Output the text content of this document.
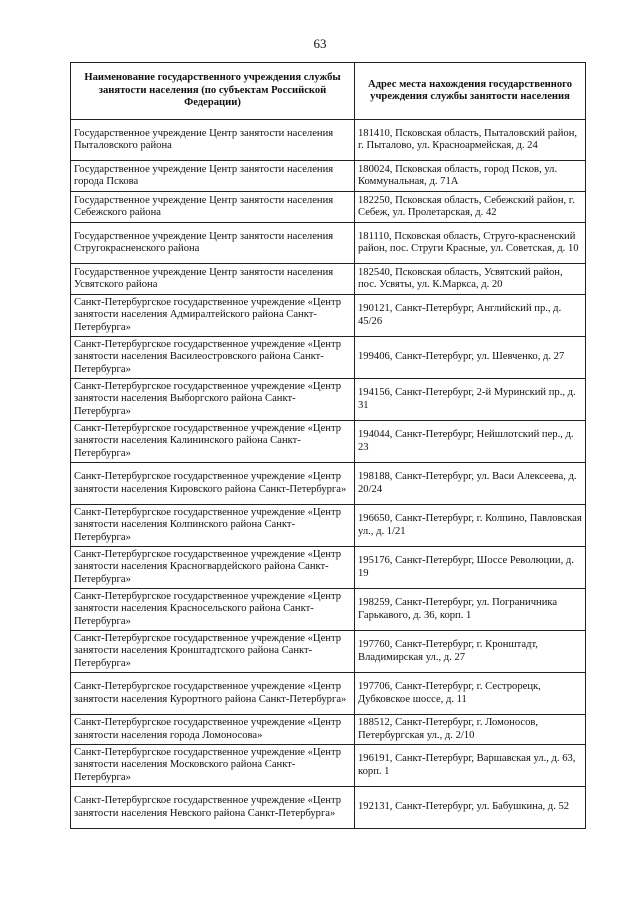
63
Наименование государственного учреждения службы занятости населения (по субъектам Российской Федерации)	Адрес места нахождения государственного учреждения службы занятости населения
Государственное учреждение Центр занятости населения Пыталовского района	181410, Псковская область, Пыталовский район, г. Пыталово, ул. Красноармейская, д. 24
Государственное учреждение Центр занятости населения города Пскова	180024, Псковская область, город Псков, ул. Коммунальная, д. 71А
Государственное учреждение Центр занятости населения Себежского района	182250, Псковская область, Себежский район, г. Себеж, ул. Пролетарская, д. 42
Государственное учреждение Центр занятости населения Стругокрасненского района	181110, Псковская область, Струго-красненский район, пос. Струги Красные, ул. Советская, д. 10
Государственное учреждение Центр занятости населения Усвятского района	182540, Псковская область, Усвятский район, пос. Усвяты, ул. К.Маркса, д. 20
Санкт-Петербургское государственное учреждение «Центр занятости населения Адмиралтейского района Санкт-Петербурга»	190121, Санкт-Петербург, Английский пр., д. 45/26
Санкт-Петербургское государственное учреждение «Центр занятости населения Василеостровского района Санкт-Петербурга»	199406, Санкт-Петербург, ул. Шевченко, д. 27
Санкт-Петербургское государственное учреждение «Центр занятости населения Выборгского района Санкт-Петербурга»	194156, Санкт-Петербург, 2-й Муринский пр., д. 31
Санкт-Петербургское государственное учреждение «Центр занятости населения Калининского района Санкт-Петербурга»	194044, Санкт-Петербург, Нейшлотский пер., д. 23
Санкт-Петербургское государственное учреждение «Центр занятости населения Кировского района Санкт-Петербурга»	198188, Санкт-Петербург, ул. Васи Алексеева, д. 20/24
Санкт-Петербургское государственное учреждение «Центр занятости населения Колпинского района Санкт-Петербурга»	196650, Санкт-Петербург, г. Колпино, Павловская ул., д. 1/21
Санкт-Петербургское государственное учреждение «Центр занятости населения Красногвардейского района Санкт-Петербурга»	195176, Санкт-Петербург, Шоссе Революции, д. 19
Санкт-Петербургское государственное учреждение «Центр занятости населения Красносельского района Санкт-Петербурга»	198259, Санкт-Петербург, ул. Пограничника Гарькавого, д. 36, корп. 1
Санкт-Петербургское государственное учреждение «Центр занятости населения Кронштадтского района Санкт-Петербурга»	197760, Санкт-Петербург, г. Кронштадт, Владимирская ул., д. 27
Санкт-Петербургское государственное учреждение «Центр занятости населения Курортного района Санкт-Петербурга»	197706, Санкт-Петербург, г. Сестрорецк, Дубковское шоссе, д. 11
Санкт-Петербургское государственное учреждение «Центр занятости населения города Ломоносова»	188512, Санкт-Петербург, г. Ломоносов, Петербургская ул., д. 2/10
Санкт-Петербургское государственное учреждение «Центр занятости населения Московского района Санкт-Петербурга»	196191, Санкт-Петербург, Варшавская ул., д. 63, корп. 1
Санкт-Петербургское государственное учреждение «Центр занятости населения Невского района Санкт-Петербурга»	192131, Санкт-Петербург, ул. Бабушкина, д. 52
